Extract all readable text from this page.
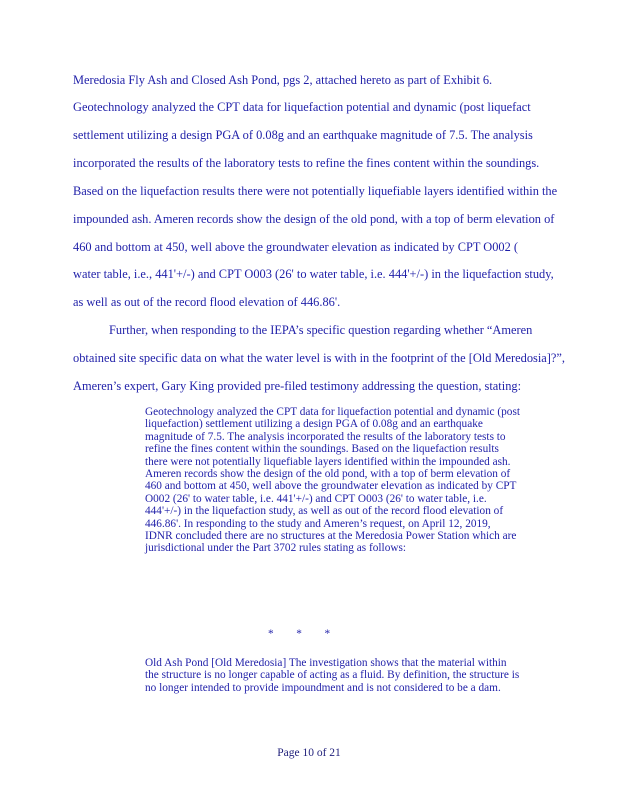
Meredosia Fly Ash and Closed Ash Pond, pgs 2, attached hereto as part of Exhibit 6.
Geotechnology analyzed the CPT data for liquefaction potential and dynamic (post liquefact
settlement utilizing a design PGA of 0.08g and an earthquake magnitude of 7.5. The analysis
incorporated the results of the laboratory tests to refine the fines content within the soundings.
Based on the liquefaction results there were not potentially liquefiable layers identified within the
impounded ash. Ameren records show the design of the old pond, with a top of berm elevation of
460 and bottom at 450, well above the groundwater elevation as indicated by CPT O002 (
water table, i.e., 441'+/-) and CPT O003 (26' to water table, i.e. 444'+/-) in the liquefaction study,
as well as out of the record flood elevation of 446.86'.
Further, when responding to the IEPA’s specific question regarding whether “Ameren
obtained site specific data on what the water level is with in the footprint of the [Old Meredosia]?”,
Ameren’s expert, Gary King provided pre-filed testimony addressing the question, stating:

Geotechnology analyzed the CPT data for liquefaction potential and dynamic (post liquefaction) settlement utilizing a design PGA of 0.08g and an earthquake magnitude of 7.5. The analysis incorporated the results of the laboratory tests to refine the fines content within the soundings. Based on the liquefaction results there were not potentially liquefiable layers identified within the impounded ash. Ameren records show the design of the old pond, with a top of berm elevation of 460 and bottom at 450, well above the groundwater elevation as indicated by CPT O002 (26' to water table, i.e. 441'+/-) and CPT O003 (26' to water table, i.e. 444'+/-) in the liquefaction study, as well as out of the record flood elevation of 446.86'. In responding to the study and Ameren’s request, on April 12, 2019, IDNR concluded there are no structures at the Meredosia Power Station which are jurisdictional under the Part 3702 rules stating as follows:

*        *        *

Old Ash Pond [Old Meredosia] The investigation shows that the material within the structure is no longer capable of acting as a fluid. By definition, the structure is no longer intended to provide impoundment and is not considered to be a dam.

Page 10 of 21
